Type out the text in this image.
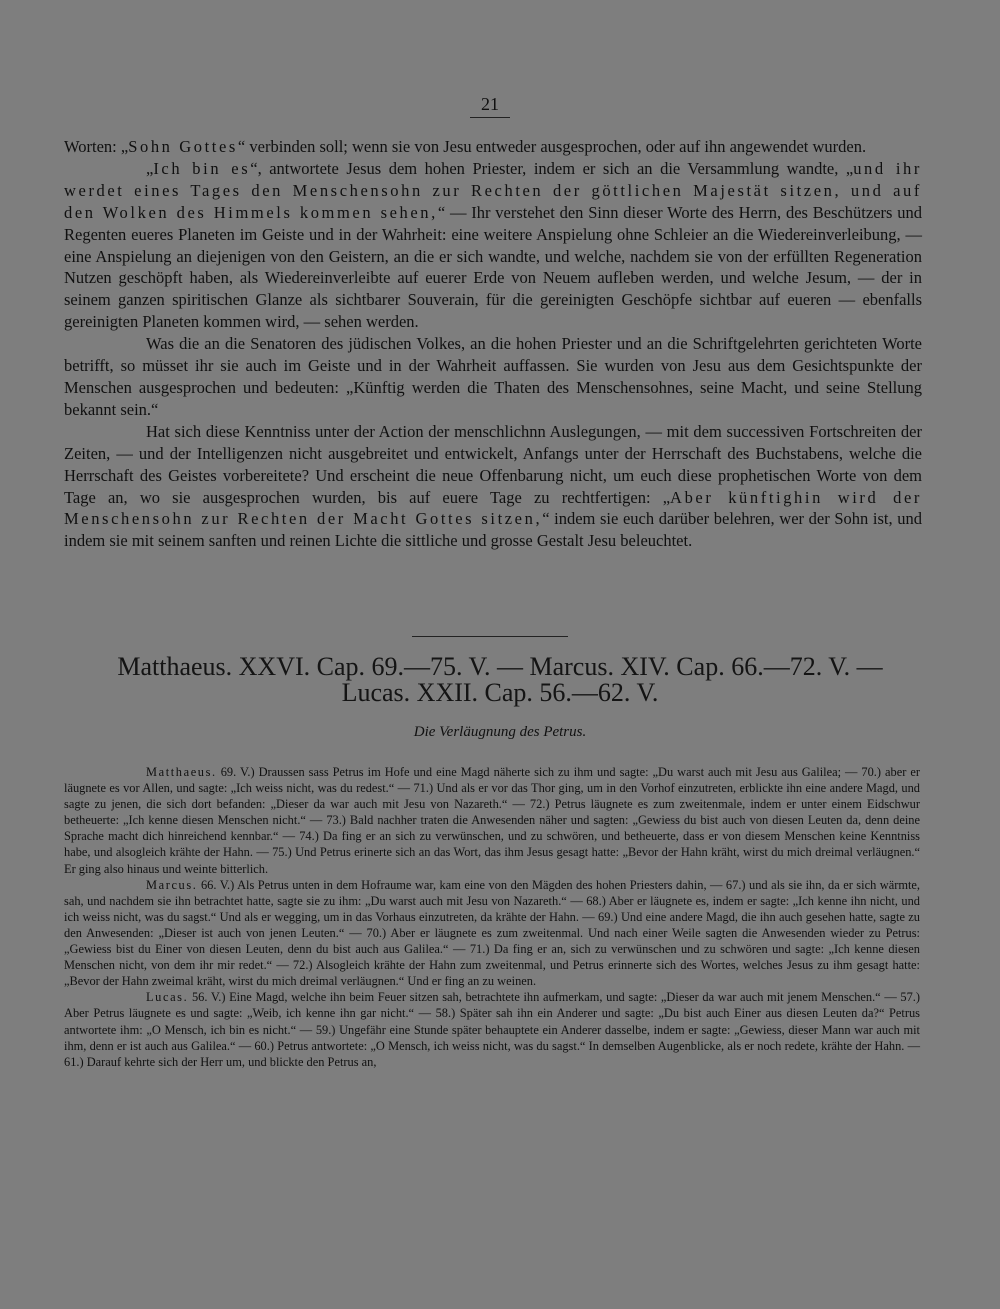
21

Worten: „Sohn Gottes“ verbinden soll; wenn sie von Jesu entweder ausgesprochen, oder auf ihn angewendet wurden.

„Ich bin es“, antwortete Jesus dem hohen Priester, indem er sich an die Versammlung wandte, „und ihr werdet eines Tages den Menschensohn zur Rechten der göttlichen Majestät sitzen, und auf den Wolken des Himmels kommen sehen,“ — Ihr verstehet den Sinn dieser Worte des Herrn, des Beschützers und Regenten eueres Planeten im Geiste und in der Wahrheit: eine weitere Anspielung ohne Schleier an die Wiedereinverleibung, — eine Anspielung an diejenigen von den Geistern, an die er sich wandte, und welche, nachdem sie von der erfüllten Regeneration Nutzen geschöpft haben, als Wiedereinverleibte auf euerer Erde von Neuem aufleben werden, und welche Jesum, — der in seinem ganzen spiritischen Glanze als sichtbarer Souverain, für die gereinigten Geschöpfe sichtbar auf eueren — ebenfalls gereinigten Planeten kommen wird, — sehen werden.

Was die an die Senatoren des jüdischen Volkes, an die hohen Priester und an die Schriftgelehrten gerichteten Worte betrifft, so müsset ihr sie auch im Geiste und in der Wahrheit auffassen. Sie wurden von Jesu aus dem Gesichtspunkte der Menschen ausgesprochen und bedeuten: „Künftig werden die Thaten des Menschensohnes, seine Macht, und seine Stellung bekannt sein.“

Hat sich diese Kenntniss unter der Action der menschlichnn Auslegungen, — mit dem successiven Fortschreiten der Zeiten, — und der Intelligenzen nicht ausgebreitet und entwickelt, Anfangs unter der Herrschaft des Buchstabens, welche die Herrschaft des Geistes vorbereitete? Und erscheint die neue Offenbarung nicht, um euch diese prophetischen Worte von dem Tage an, wo sie ausgesprochen wurden, bis auf euere Tage zu rechtfertigen: „Aber künftighin wird der Menschensohn zur Rechten der Macht Gottes sitzen,“ indem sie euch darüber belehren, wer der Sohn ist, und indem sie mit seinem sanften und reinen Lichte die sittliche und grosse Gestalt Jesu beleuchtet.

Matthaeus. XXVI. Cap. 69.—75. V. — Marcus. XIV. Cap. 66.—72. V. —
Lucas. XXII. Cap. 56.—62. V.
Die Verläugnung des Petrus.

Matthaeus. 69. V.) Draussen sass Petrus im Hofe und eine Magd näherte sich zu ihm und sagte: „Du warst auch mit Jesu aus Galilea; — 70.) aber er läugnete es vor Allen, und sagte: „Ich weiss nicht, was du redest.“ — 71.) Und als er vor das Thor ging, um in den Vorhof einzutreten, erblickte ihn eine andere Magd, und sagte zu jenen, die sich dort befanden: „Dieser da war auch mit Jesu von Nazareth.“ — 72.) Petrus läugnete es zum zweitenmale, indem er unter einem Eidschwur betheuerte: „Ich kenne diesen Menschen nicht.“ — 73.) Bald nachher traten die Anwesenden näher und sagten: „Gewiess du bist auch von diesen Leuten da, denn deine Sprache macht dich hinreichend kennbar.“ — 74.) Da fing er an sich zu verwünschen, und zu schwören, und betheuerte, dass er von diesem Menschen keine Kenntniss habe, und alsogleich krähte der Hahn. — 75.) Und Petrus erinerte sich an das Wort, das ihm Jesus gesagt hatte: „Bevor der Hahn kräht, wirst du mich dreimal verläugnen.“ Er ging also hinaus und weinte bitterlich.

Marcus. 66. V.) Als Petrus unten in dem Hofraume war, kam eine von den Mägden des hohen Priesters dahin, — 67.) und als sie ihn, da er sich wärmte, sah, und nachdem sie ihn betrachtet hatte, sagte sie zu ihm: „Du warst auch mit Jesu von Nazareth.“ — 68.) Aber er läugnete es, indem er sagte: „Ich kenne ihn nicht, und ich weiss nicht, was du sagst.“ Und als er wegging, um in das Vorhaus einzutreten, da krähte der Hahn. — 69.) Und eine andere Magd, die ihn auch gesehen hatte, sagte zu den Anwesenden: „Dieser ist auch von jenen Leuten.“ — 70.) Aber er läugnete es zum zweitenmal. Und nach einer Weile sagten die Anwesenden wieder zu Petrus: „Gewiess bist du Einer von diesen Leuten, denn du bist auch aus Galilea.“ — 71.) Da fing er an, sich zu verwünschen und zu schwören und sagte: „Ich kenne diesen Menschen nicht, von dem ihr mir redet.“ — 72.) Alsogleich krähte der Hahn zum zweitenmal, und Petrus erinnerte sich des Wortes, welches Jesus zu ihm gesagt hatte: „Bevor der Hahn zweimal kräht, wirst du mich dreimal verläugnen.“ Und er fing an zu weinen.

Lucas. 56. V.) Eine Magd, welche ihn beim Feuer sitzen sah, betrachtete ihn aufmerkam, und sagte: „Dieser da war auch mit jenem Menschen.“ — 57.) Aber Petrus läugnete es und sagte: „Weib, ich kenne ihn gar nicht.“ — 58.) Später sah ihn ein Anderer und sagte: „Du bist auch Einer aus diesen Leuten da?“ Petrus antwortete ihm: „O Mensch, ich bin es nicht.“ — 59.) Ungefähr eine Stunde später behauptete ein Anderer dasselbe, indem er sagte: „Gewiess, dieser Mann war auch mit ihm, denn er ist auch aus Galilea.“ — 60.) Petrus antwortete: „O Mensch, ich weiss nicht, was du sagst.“ In demselben Augenblicke, als er noch redete, krähte der Hahn. — 61.) Darauf kehrte sich der Herr um, und blickte den Petrus an,
